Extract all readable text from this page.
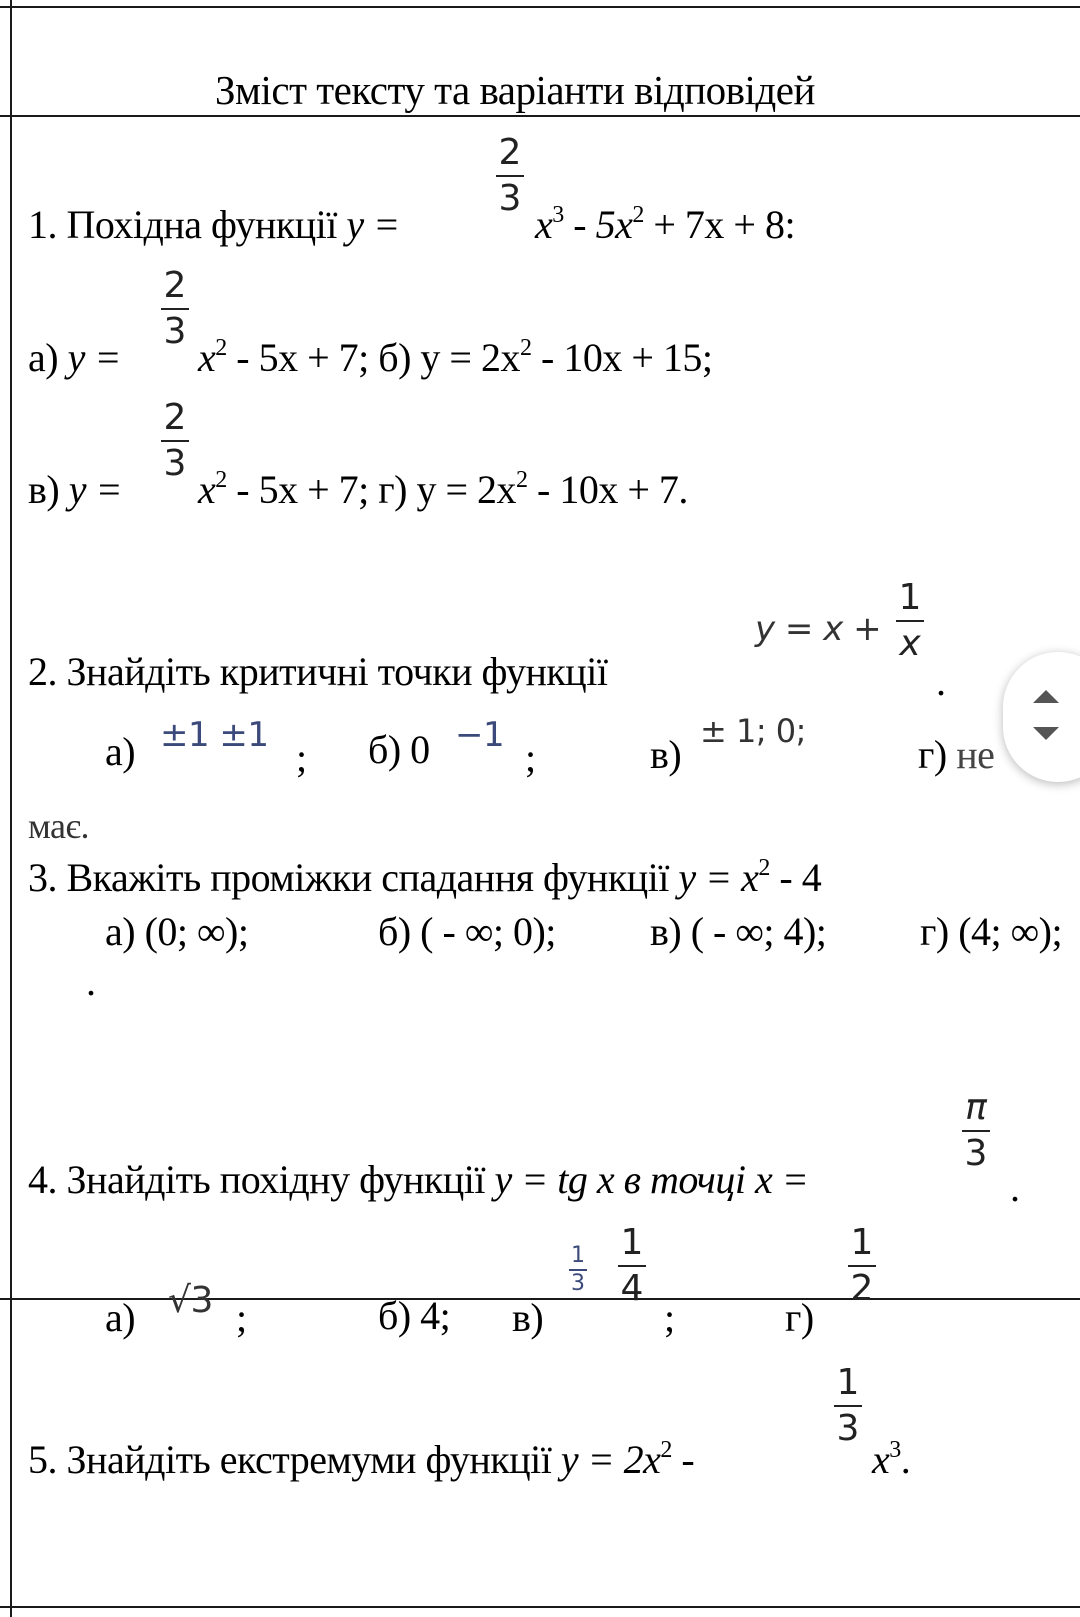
Зміст тексту та варіанти відповідей
1. Похідна функції y =
2
3
$x^3 - 5x^2 + 7x + 8$:
а) y =
2
3
$x^2 - 5x + 7$; б) $y = 2x^2 - 10x + 15$;
в) y =
2
3
$x^2 - 5x + 7$; г) $y = 2x^2 - 10x + 7$.
2. Знайдіть критичні точки функції
y = x +
1
x
.
а) ±1 ±1 ; б) 0 −1 ;	в)
± 1; 0;
г) не
має.
3. Вкажіть проміжки спадання функції $y = x^2 - 4$
а) (0; ∞);	б) ( - ∞; 0); в) ( - ∞; 4); г) (4; ∞);
.
4. Знайдіть похідну функції y = tg x в точці x =
π
3
.
а) √3 ;	б) 4; в)
1
3
1
4
;	г)
1
2
5. Знайдіть екстремуми функції $y = 2x^2$ -
1
3
$x^3$.
